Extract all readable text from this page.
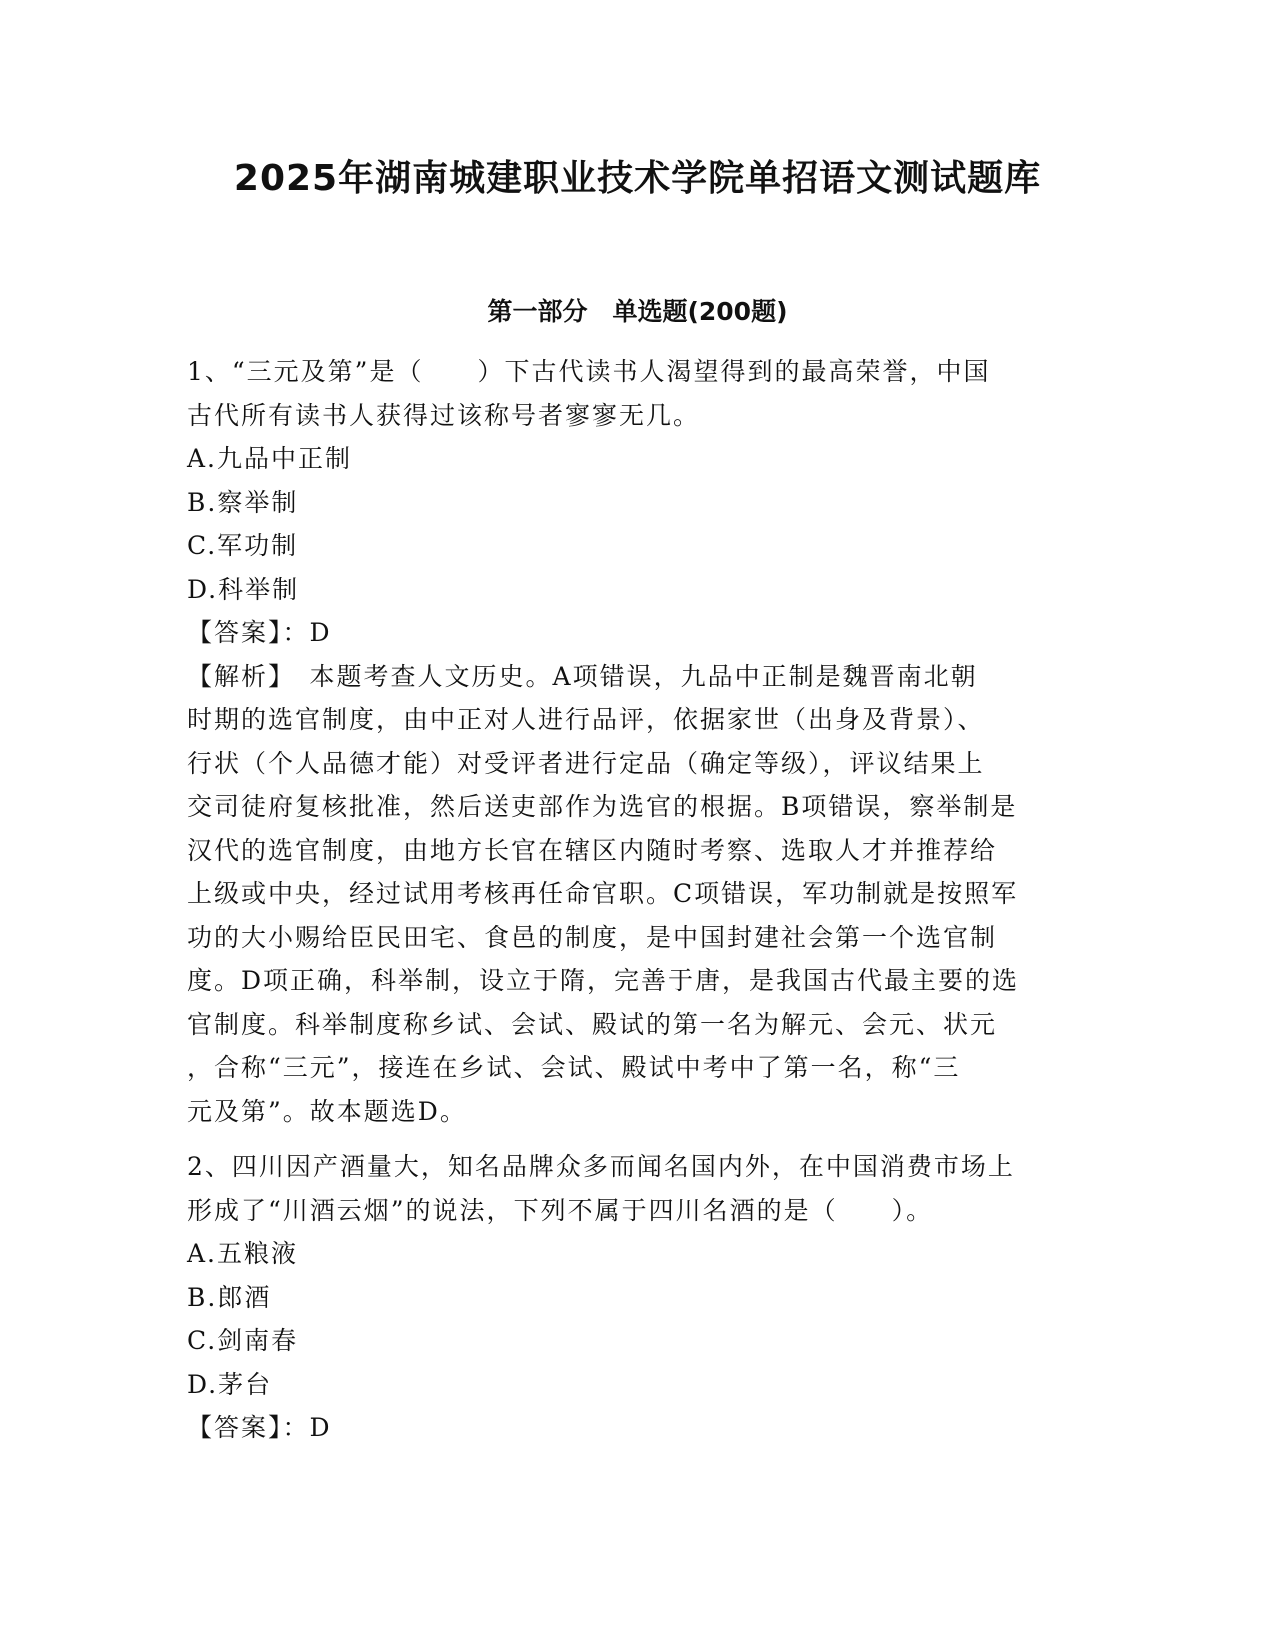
2025年湖南城建职业技术学院单招语文测试题库
第一部分　单选题(200题)

1、“三元及第”是（　　）下古代读书人渴望得到的最高荣誉，中国

古代所有读书人获得过该称号者寥寥无几。

A.九品中正制

B.察举制

C.军功制

D.科举制

【答案】：D

【解析】　本题考查人文历史。A项错误，九品中正制是魏晋南北朝

时期的选官制度，由中正对人进行品评，依据家世（出身及背景）、

行状（个人品德才能）对受评者进行定品（确定等级），评议结果上

交司徒府复核批准，然后送吏部作为选官的根据。B项错误，察举制是

汉代的选官制度，由地方长官在辖区内随时考察、选取人才并推荐给

上级或中央，经过试用考核再任命官职。C项错误，军功制就是按照军

功的大小赐给臣民田宅、食邑的制度，是中国封建社会第一个选官制

度。D项正确，科举制，设立于隋，完善于唐，是我国古代最主要的选

官制度。科举制度称乡试、会试、殿试的第一名为解元、会元、状元

，合称“三元”，接连在乡试、会试、殿试中考中了第一名，称“三

元及第”。故本题选D。

2、四川因产酒量大，知名品牌众多而闻名国内外，在中国消费市场上

形成了“川酒云烟”的说法，下列不属于四川名酒的是（　　）。

A.五粮液

B.郎酒

C.剑南春

D.茅台

【答案】：D
